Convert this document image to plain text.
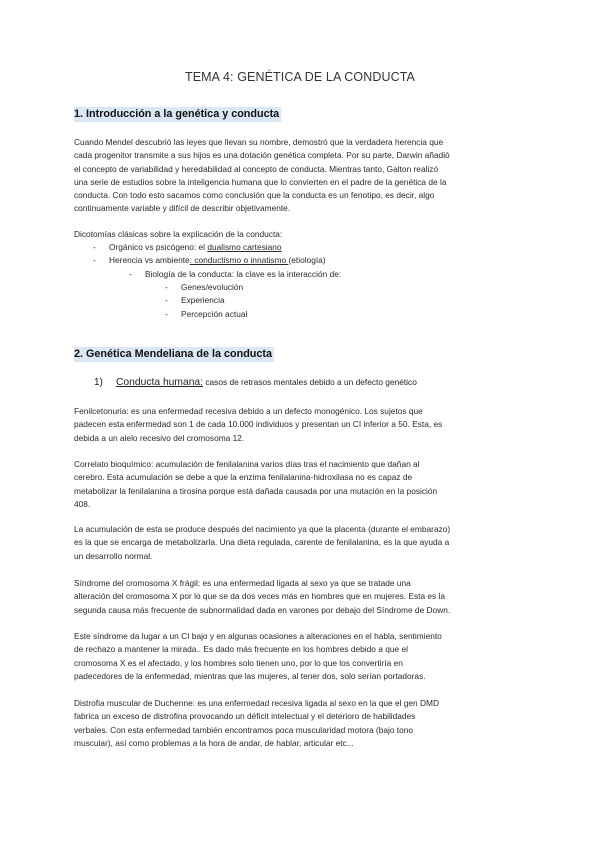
TEMA 4: GENÉTICA DE LA CONDUCTA
1. Introducción a la genética y conducta
Cuando Mendel descubrió las leyes que llevan su nombre, demostró que la verdadera herencia que
cada progenitor transmite a sus hijos es una dotación genética completa. Por su parte, Darwin añadió
el concepto de variabilidad y heredabilidad al concepto de conducta. Mientras tanto, Galton realizó
una serie de estudios sobre la inteligencia humana que lo convierten en el padre de la genética de la
conducta. Con todo esto sacamos como conclusión que la conducta es un fenotipo, es decir, algo
continuamente variable y difícil de describir objetivamente.
Dicotomías clásicas sobre la explicación de la conducta:
- Orgánico vs psicógeno: el dualismo cartesiano
- Herencia vs ambiente: conductismo o innatismo (etiología)
- Biología de la conducta: la clave es la interacción de:
- Genes/evolución
- Experiencia
- Percepción actual
2. Genética Mendeliana de la conducta
1) Conducta humana: casos de retrasos mentales debido a un defecto genético
Fenilcetonuria: es una enfermedad recesiva debido a un defecto monogénico. Los sujetos que
padecen esta enfermedad son 1 de cada 10.000 individuos y presentan un CI inferior a 50. Esta, es
debida a un alelo recesivo del cromosoma 12.
Correlato bioquímico: acumulación de fenilalanina varios días tras el nacimiento que dañan al
cerebro. Esta acumulación se debe a que la enzima fenilalanina-hidroxilasa no es capaz de
metabolizar la fenilalanina a tirosina porque está dañada causada por una mutación en la posición
408.
La acumulación de esta se produce después del nacimiento ya que la placenta (durante el embarazo)
es la que se encarga de metabolizarla. Una dieta regulada, carente de fenilalanina, es la que ayuda a
un desarrollo normal.
Síndrome del cromosoma X frágil: es una enfermedad ligada al sexo ya que se tratade una
alteración del cromosoma X por lo que se da dos veces más en hombres que en mujeres. Esta es la
segunda causa más frecuente de subnormalidad dada en varones por debajo del Síndrome de Down.
Este síndrome da lugar a un CI bajo y en algunas ocasiones a alteraciones en el habla, sentimiento
de rechazo a mantener la mirada.. Es dado más frecuente en los hombres debido a que el
cromosoma X es el afectado, y los hombres solo tienen uno, por lo que los convertiría en
padecedores de la enfermedad, mientras que las mujeres, al tener dos, solo serían portadoras.
Distrofia muscular de Duchenne: es una enfermedad recesiva ligada al sexo en la que el gen DMD
fabrica un exceso de distrofina provocando un déficit intelectual y el deterioro de habilidades
verbales. Con esta enfermedad también encontramos poca muscularidad motora (bajo tono
muscular), así como problemas a la hora de andar, de hablar, articular etc...
